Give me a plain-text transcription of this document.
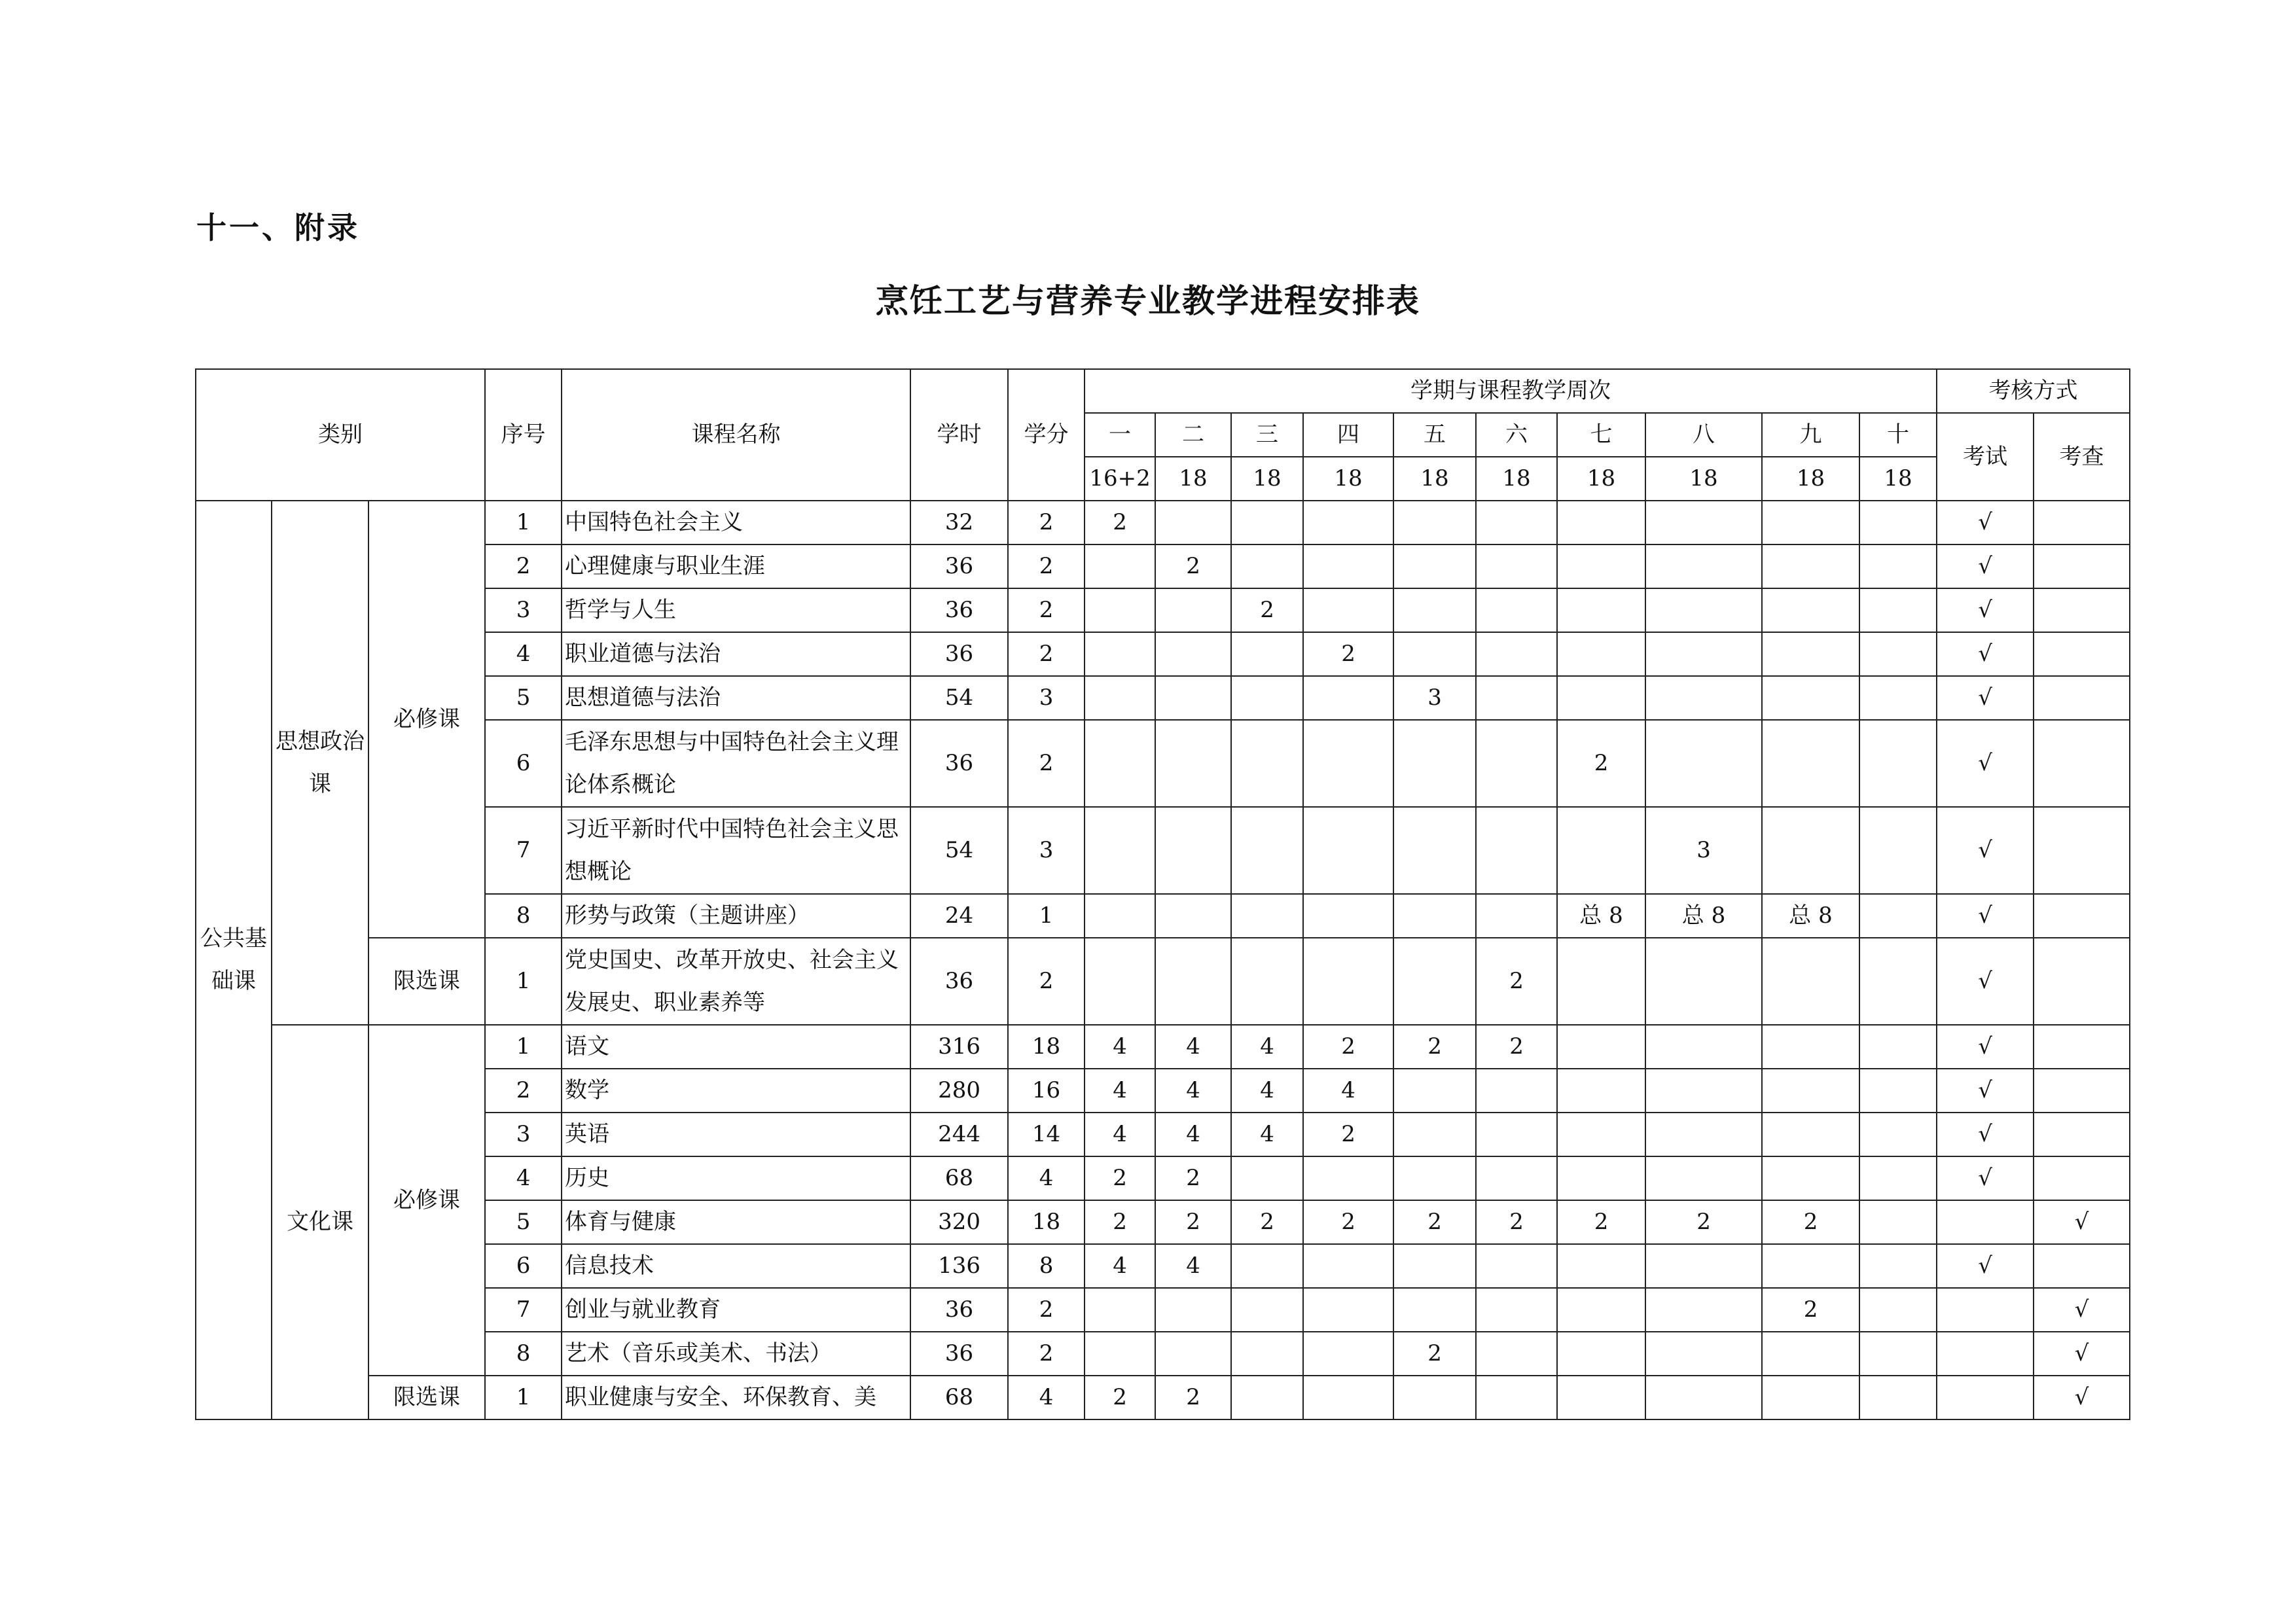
十一、附录
烹饪工艺与营养专业教学进程安排表
类别			序号	课程名称	学时	学分	学期与课程教学周次										考核方式	
							一	二	三	四	五	六	七	八	九	十	考试	考查
							16+2	18	18	18	18	18	18	18	18	18		
公共基础课	思想政治课	必修课	1	中国特色社会主义	32	2	2										√	
			2	心理健康与职业生涯	36	2		2									√	
			3	哲学与人生	36	2			2								√	
			4	职业道德与法治	36	2				2							√	
			5	思想道德与法治	54	3					3						√	
			6	毛泽东思想与中国特色社会主义理论体系概论	36	2							2				√	
			7	习近平新时代中国特色社会主义思想概论	54	3								3			√	
			8	形势与政策（主题讲座）	24	1							总 8	总 8	总 8		√	
		限选课	1	党史国史、改革开放史、社会主义发展史、职业素养等	36	2						2					√	
	文化课	必修课	1	语文	316	18	4	4	4	2	2	2					√	
			2	数学	280	16	4	4	4	4							√	
			3	英语	244	14	4	4	4	2							√	
			4	历史	68	4	2	2									√	
			5	体育与健康	320	18	2	2	2	2	2	2	2	2	2			√
			6	信息技术	136	8	4	4									√	
			7	创业与就业教育	36	2									2			√
			8	艺术（音乐或美术、书法）	36	2					2							√
		限选课	1	职业健康与安全、环保教育、美	68	4	2	2										√
